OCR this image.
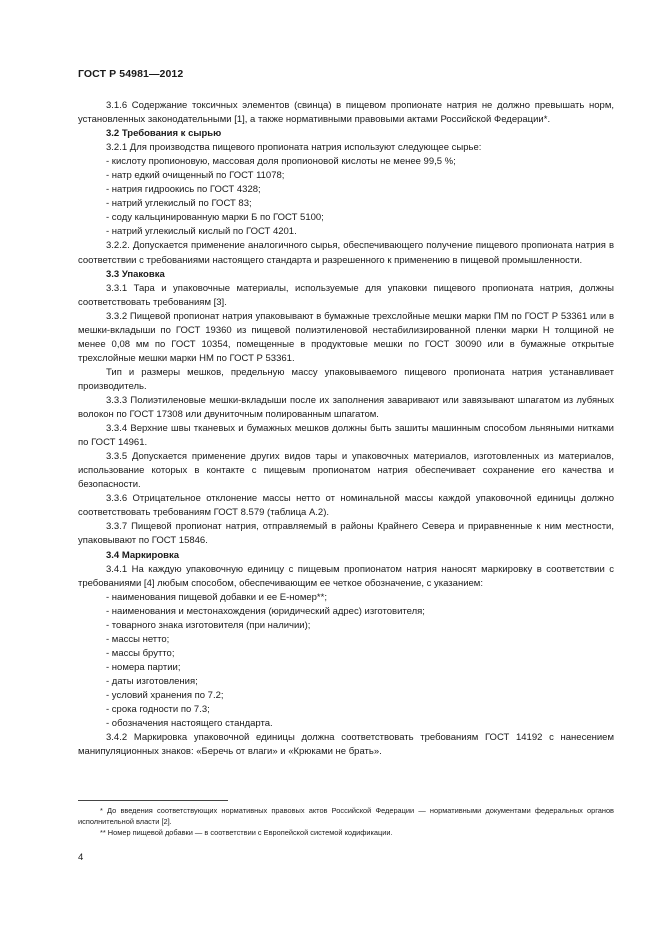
ГОСТ Р 54981—2012

3.1.6 Содержание токсичных элементов (свинца) в пищевом пропионате натрия не должно превышать норм, установленных законодательными [1], а также нормативными правовыми актами Российской Федерации*.

3.2 Требования к сырью

3.2.1 Для производства пищевого пропионата натрия используют следующее сырье:

- кислоту пропионовую, массовая доля пропионовой кислоты не менее 99,5 %;

- натр едкий очищенный по ГОСТ 11078;

- натрия гидроокись по ГОСТ 4328;

- натрий углекислый по ГОСТ 83;

- соду кальцинированную марки Б по ГОСТ 5100;

- натрий углекислый кислый по ГОСТ 4201.

3.2.2. Допускается применение аналогичного сырья, обеспечивающего получение пищевого пропионата натрия в соответствии с требованиями настоящего стандарта и разрешенного к применению в пищевой промышленности.

3.3 Упаковка

3.3.1 Тара и упаковочные материалы, используемые для упаковки пищевого пропионата натрия, должны соответствовать требованиям [3].

3.3.2 Пищевой пропионат натрия упаковывают в бумажные трехслойные мешки марки ПМ по ГОСТ Р 53361 или в мешки-вкладыши по ГОСТ 19360 из пищевой полиэтиленовой нестабилизированной пленки марки Н толщиной не менее 0,08 мм по ГОСТ 10354, помещенные в продуктовые мешки по ГОСТ 30090 или в бумажные открытые трехслойные мешки марки НМ по ГОСТ Р 53361.

Тип и размеры мешков, предельную массу упаковываемого пищевого пропионата натрия устанавливает производитель.

3.3.3 Полиэтиленовые мешки-вкладыши после их заполнения заваривают или завязывают шпагатом из лубяных волокон по ГОСТ 17308 или двуниточным полированным шпагатом.

3.3.4 Верхние швы тканевых и бумажных мешков должны быть зашиты машинным способом льняными нитками по ГОСТ 14961.

3.3.5 Допускается применение других видов тары и упаковочных материалов, изготовленных из материалов, использование которых в контакте с пищевым пропионатом натрия обеспечивает сохранение его качества и безопасности.

3.3.6 Отрицательное отклонение массы нетто от номинальной массы каждой упаковочной единицы должно соответствовать требованиям ГОСТ 8.579 (таблица А.2).

3.3.7 Пищевой пропионат натрия, отправляемый в районы Крайнего Севера и приравненные к ним местности, упаковывают по ГОСТ 15846.

3.4 Маркировка

3.4.1 На каждую упаковочную единицу с пищевым пропионатом натрия наносят маркировку в соответствии с требованиями [4] любым способом, обеспечивающим ее четкое обозначение, с указанием:

- наименования пищевой добавки и ее Е-номер**;

- наименования и местонахождения (юридический адрес) изготовителя;

- товарного знака изготовителя (при наличии);

- массы нетто;

- массы брутто;

- номера партии;

- даты изготовления;

- условий хранения по 7.2;

- срока годности по 7.3;

- обозначения настоящего стандарта.

3.4.2 Маркировка упаковочной единицы должна соответствовать требованиям ГОСТ 14192 с нанесением манипуляционных знаков: «Беречь от влаги» и «Крюками не брать».

* До введения соответствующих нормативных правовых актов Российской Федерации — нормативными документами федеральных органов исполнительной власти [2].

** Номер пищевой добавки — в соответствии с Европейской системой кодификации.

4
